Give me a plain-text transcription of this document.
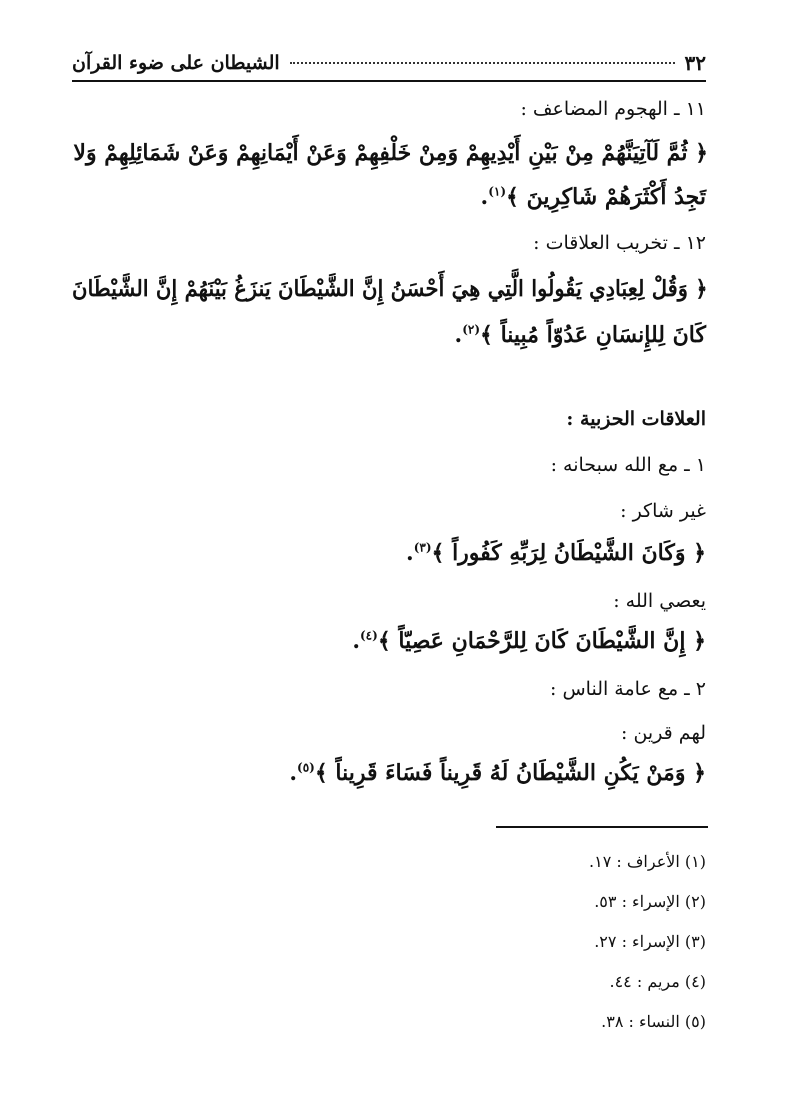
٣٢
الشيطان على ضوء القرآن
١١ ـ الهجوم المضاعف :
﴿ ثُمَّ لَآتِيَنَّهُمْ مِنْ بَيْنِ أَيْدِيهِمْ وَمِنْ خَلْفِهِمْ وَعَنْ أَيْمَانِهِمْ وَعَنْ شَمَائِلِهِمْ وَلا
تَجِدُ أَكْثَرَهُمْ شَاكِرِينَ ﴾$^{(١)}$.
١٢ ـ تخريب العلاقات :
﴿ وَقُلْ لِعِبَادِي يَقُولُوا الَّتِي هِيَ أَحْسَنُ إِنَّ الشَّيْطَانَ يَنزَغُ بَيْنَهُمْ إِنَّ الشَّيْطَانَ
كَانَ لِلإِنسَانِ عَدُوّاً مُبِيناً ﴾$^{(٢)}$.
العلاقات الحزبية :
١ ـ مع الله سبحانه :
غير شاكر :
﴿ وَكَانَ الشَّيْطَانُ لِرَبِّهِ كَفُوراً ﴾$^{(٣)}$.
يعصي الله :
﴿ إِنَّ الشَّيْطَانَ كَانَ لِلرَّحْمَانِ عَصِيّاً ﴾$^{(٤)}$.
٢ ـ مع عامة الناس :
لهم قرين :
﴿ وَمَنْ يَكُنِ الشَّيْطَانُ لَهُ قَرِيناً فَسَاءَ قَرِيناً ﴾$^{(٥)}$.
(١) الأعراف : ١٧.
(٢) الإسراء : ٥٣.
(٣) الإسراء : ٢٧.
(٤) مريم : ٤٤.
(٥) النساء : ٣٨.
